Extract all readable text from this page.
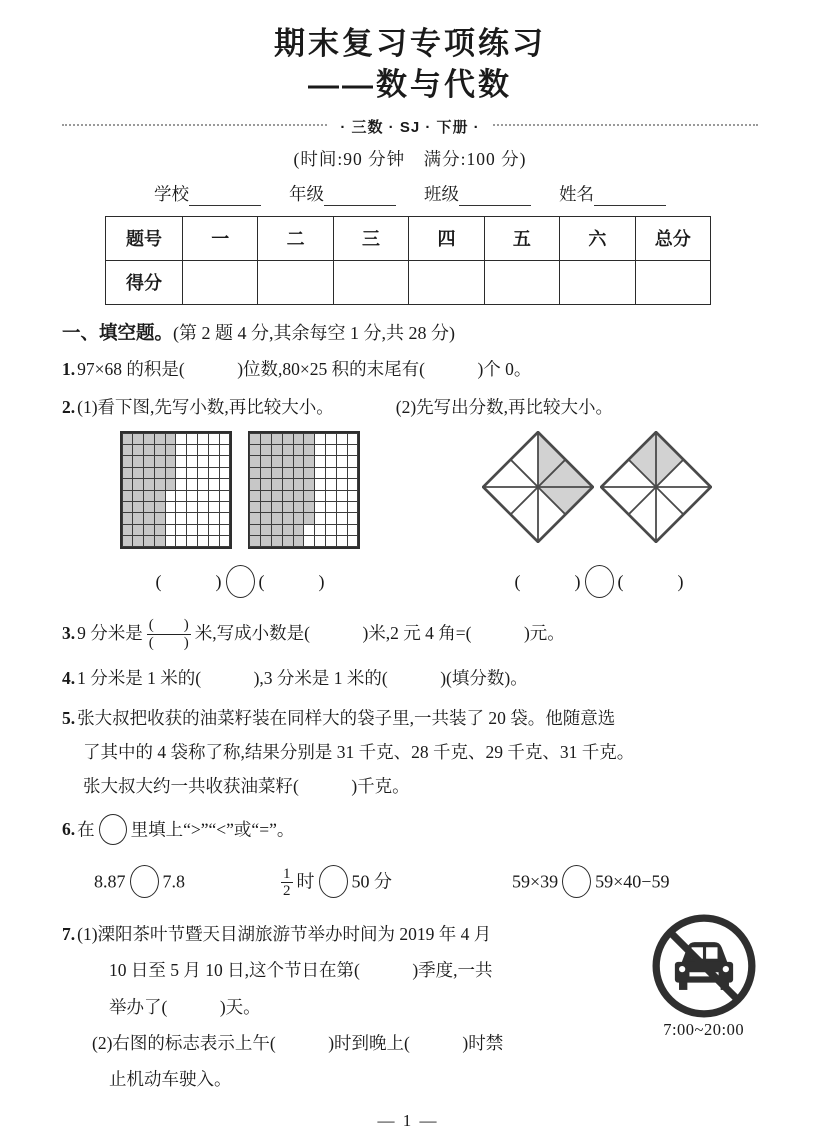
期末复习专项练习
——数与代数
· 三数 · SJ · 下册 ·
(时间:90 分钟　满分:100 分)
学校	年级	班级	姓名
题号	一	二	三	四	五	六	总分
得分							
一、填空题。(第 2 题 4 分,其余每空 1 分,共 28 分)
1. 97×68 的积是(            )位数,80×25 积的末尾有(            )个 0。
2. (1)看下图,先写小数,再比较大小。	(2)先写出分数,再比较大小。
(            ) (            )	(            ) (            )
3. 9 分米是 $\frac{( )}{( )}$ 米,写成小数是(            )米,2 元 4 角=(            )元。
4. 1 分米是 1 米的(            ),3 分米是 1 米的(            )(填分数)。
5. 张大叔把收获的油菜籽装在同样大的袋子里,一共装了 20 袋。他随意选
了其中的 4 袋称了称,结果分别是 31 千克、28 千克、29 千克、31 千克。
张大叔大约一共收获油菜籽(            )千克。
6. 在 里填上“>”“<”或“=”。
8.87 7.8	$\frac{1}{2}$ 时 50 分	59×39 59×40−59
7. (1)溧阳茶叶节暨天目湖旅游节举办时间为 2019 年 4 月
10 日至 5 月 10 日,这个节日在第(            )季度,一共
举办了(            )天。
(2)右图的标志表示上午(            )时到晚上(            )时禁
止机动车驶入。
7:00~20:00
— 1 —
